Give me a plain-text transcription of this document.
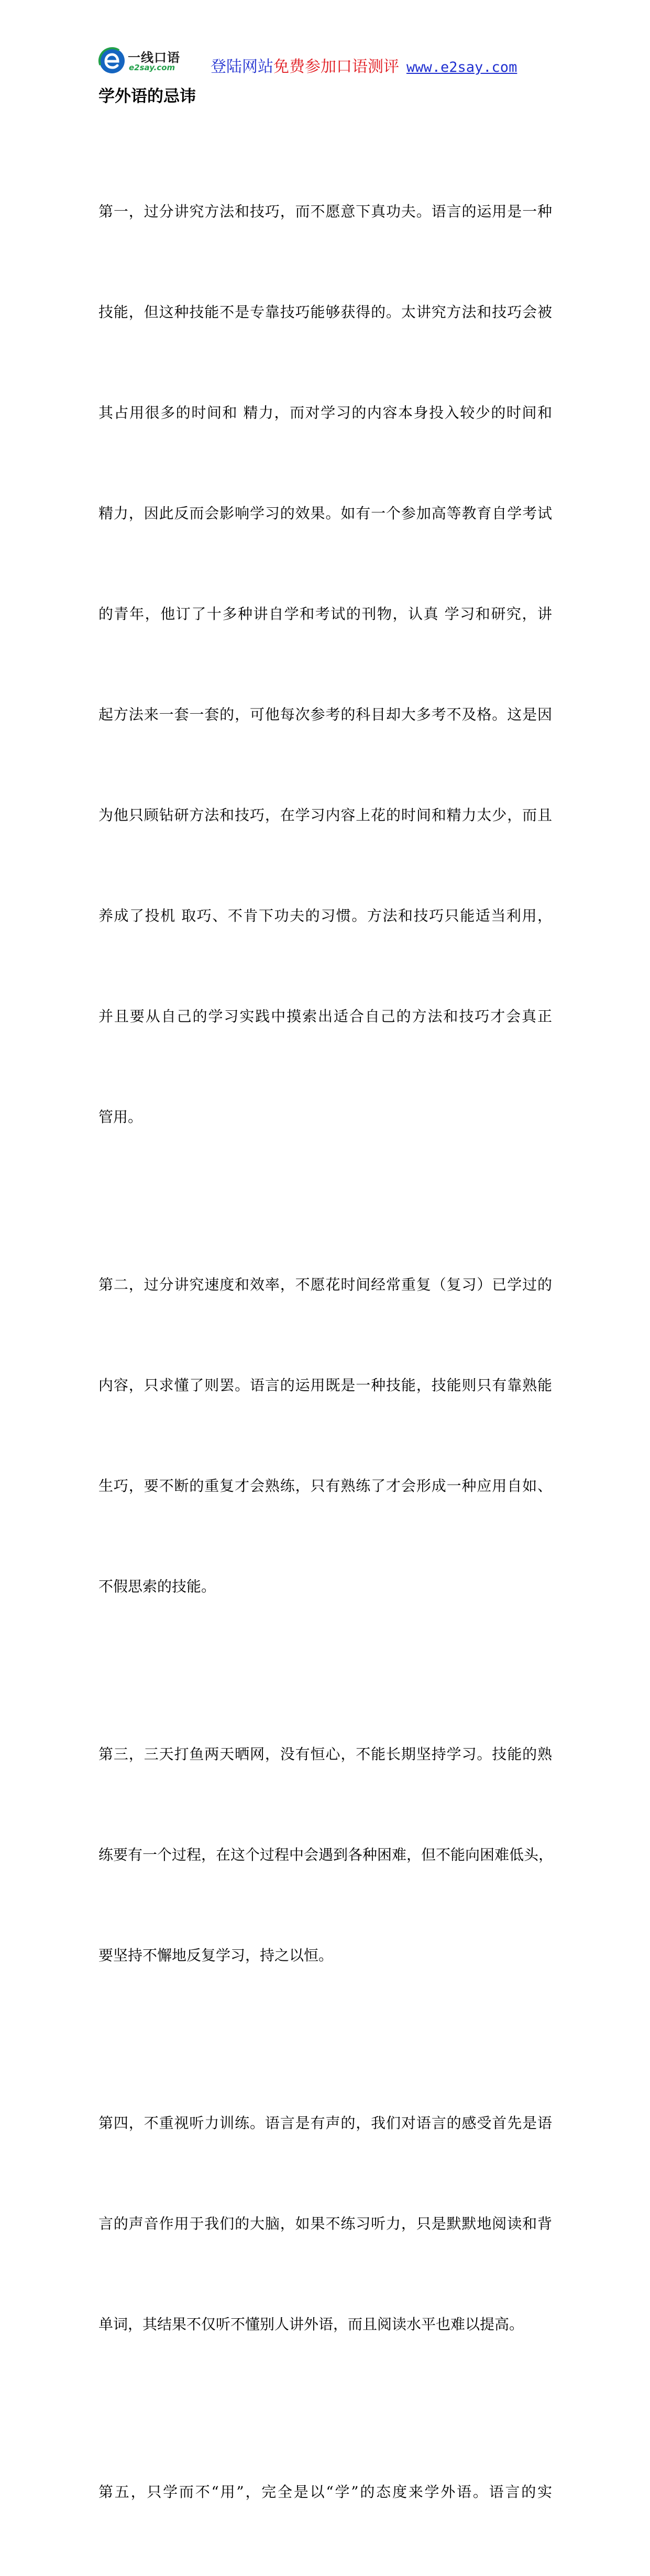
一线口语
e2say.com 登陆网站免费参加口语测评 www.e2say.com
学外语的忌讳

第一，过分讲究方法和技巧，而不愿意下真功夫。语言的运用是一种

技能，但这种技能不是专靠技巧能够获得的。太讲究方法和技巧会被

其占用很多的时间和 精力，而对学习的内容本身投入较少的时间和

精力，因此反而会影响学习的效果。如有一个参加高等教育自学考试

的青年，他订了十多种讲自学和考试的刊物，认真 学习和研究，讲

起方法来一套一套的，可他每次参考的科目却大多考不及格。这是因

为他只顾钻研方法和技巧，在学习内容上花的时间和精力太少，而且

养成了投机 取巧、不肯下功夫的习惯。方法和技巧只能适当利用，

并且要从自己的学习实践中摸索出适合自己的方法和技巧才会真正

管用。

第二，过分讲究速度和效率，不愿花时间经常重复（复习）已学过的

内容，只求懂了则罢。语言的运用既是一种技能，技能则只有靠熟能

生巧，要不断的重复才会熟练，只有熟练了才会形成一种应用自如、

不假思索的技能。

第三，三天打鱼两天晒网，没有恒心，不能长期坚持学习。技能的熟

练要有一个过程，在这个过程中会遇到各种困难，但不能向困难低头，

要坚持不懈地反复学习，持之以恒。

第四，不重视听力训练。语言是有声的，我们对语言的感受首先是语

言的声音作用于我们的大脑，如果不练习听力，只是默默地阅读和背

单词，其结果不仅听不懂别人讲外语，而且阅读水平也难以提高。

第五，只学而不“用”，完全是以“学”的态度来学外语。语言的实
